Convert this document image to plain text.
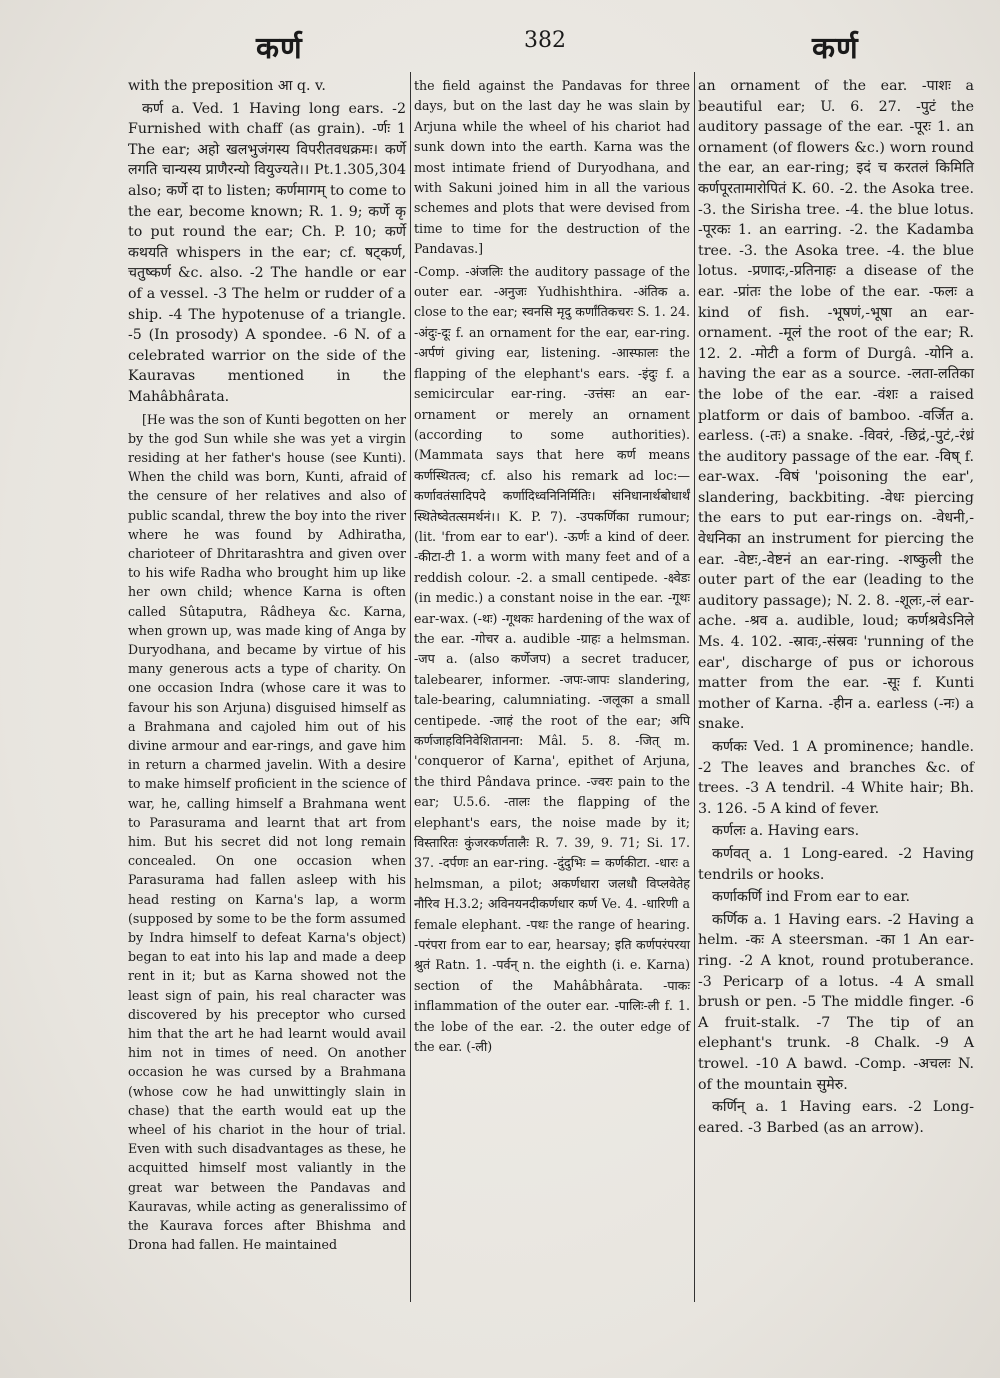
कर्ण	382	कर्ण

with the preposition आ q. v.

कर्ण a. Ved. 1 Having long ears. -2 Furnished with chaff (as grain). -र्णः 1 The ear; अहो खलभुजंगस्य विपरीतवधक्रमः। कर्णे लगति चान्यस्य प्राणैरन्यो वियुज्यते।। Pt.1.305,304 also; कर्णे दा to listen; कर्णमागम् to come to the ear, become known; R. 1. 9; कर्णे कृ to put round the ear; Ch. P. 10; कर्णे कथयति whispers in the ear; cf. षट्कर्ण, चतुष्कर्ण &c. also. -2 The handle or ear of a vessel. -3 The helm or rudder of a ship. -4 The hypotenuse of a triangle. -5 (In prosody) A spondee. -6 N. of a celebrated warrior on the side of the Kauravas mentioned in the Mahâbhârata.

[He was the son of Kunti begotten on her by the god Sun while she was yet a virgin residing at her father's house (see Kunti). When the child was born, Kunti, afraid of the censure of her relatives and also of public scandal, threw the boy into the river where he was found by Adhiratha, charioteer of Dhritarashtra and given over to his wife Radha who brought him up like her own child; whence Karna is often called Sûtaputra, Râdheya &c. Karna, when grown up, was made king of Anga by Duryodhana, and became by virtue of his many generous acts a type of charity. On one occasion Indra (whose care it was to favour his son Arjuna) disguised himself as a Brahmana and cajoled him out of his divine armour and ear-rings, and gave him in return a charmed javelin. With a desire to make himself proficient in the science of war, he, calling himself a Brahmana went to Parasurama and learnt that art from him. But his secret did not long remain concealed. On one occasion when Parasurama had fallen asleep with his head resting on Karna's lap, a worm (supposed by some to be the form assumed by Indra himself to defeat Karna's object) began to eat into his lap and made a deep rent in it; but as Karna showed not the least sign of pain, his real character was discovered by his preceptor who cursed him that the art he had learnt would avail him not in times of need. On another occasion he was cursed by a Brahmana (whose cow he had unwittingly slain in chase) that the earth would eat up the wheel of his chariot in the hour of trial. Even with such disadvantages as these, he acquitted himself most valiantly in the great war between the Pandavas and Kauravas, while acting as generalissimo of the Kaurava forces after Bhishma and Drona had fallen. He maintained

the field against the Pandavas for three days, but on the last day he was slain by Arjuna while the wheel of his chariot had sunk down into the earth. Karna was the most intimate friend of Duryodhana, and with Sakuni joined him in all the various schemes and plots that were devised from time to time for the destruction of the Pandavas.]

-Comp. -अंजलिः the auditory passage of the outer ear. -अनुजः Yudhishthira. -अंतिक a. close to the ear; स्वनसि मृदु कर्णांतिकचरः S. 1. 24. -अंदुः-दूः f. an ornament for the ear, ear-ring. -अर्पणं giving ear, listening. -आस्फालः the flapping of the elephant's ears. -इंदुः f. a semicircular ear-ring. -उत्तंसः an ear-ornament or merely an ornament (according to some authorities). (Mammata says that here कर्ण means कर्णस्थितत्व; cf. also his remark ad loc:—कर्णावतंसादिपदे कर्णादिध्वनिनिर्मितिः। संनिधानार्थबोधार्थं स्थितेष्वेतत्समर्थनं।। K. P. 7). -उपकर्णिका rumour; (lit. 'from ear to ear'). -ऊर्णः a kind of deer. -कीटा-टी 1. a worm with many feet and of a reddish colour. -2. a small centipede. -क्ष्वेडः (in medic.) a constant noise in the ear. -गूथः ear-wax. (-थः) -गूथकः hardening of the wax of the ear. -गोचर a. audible -ग्राहः a helmsman. -जप a. (also कर्णेजप) a secret traducer, talebearer, informer. -जपः-जापः slandering, tale-bearing, calumniating. -जलूका a small centipede. -जाहं the root of the ear; अपि कर्णजाहविनिवेशितानना: Mâl. 5. 8. -जित् m. 'conqueror of Karna', epithet of Arjuna, the third Pândava prince. -ज्वरः pain to the ear; U.5.6. -तालः the flapping of the elephant's ears, the noise made by it; विस्तारितः कुंजरकर्णतालैः R. 7. 39, 9. 71; Si. 17. 37. -दर्पणः an ear-ring. -दुंदुभिः = कर्णकीटा. -धारः a helmsman, a pilot; अकर्णधारा जलधौ विप्लवेतेह नौरिव H.3.2; अविनयनदीकर्णधार कर्ण Ve. 4. -धारिणी a female elephant. -पथः the range of hearing. -परंपरा from ear to ear, hearsay; इति कर्णपरंपरया श्रुतं Ratn. 1. -पर्वन् n. the eighth (i. e. Karna) section of the Mahâbhârata. -पाकः inflammation of the outer ear. -पालिः-ली f. 1. the lobe of the ear. -2. the outer edge of the ear. (-ली)

an ornament of the ear. -पाशः a beautiful ear; U. 6. 27. -पुटं the auditory passage of the ear. -पूरः 1. an ornament (of flowers &c.) worn round the ear, an ear-ring; इदं च करतलं किमिति कर्णपूरतामारोपितं K. 60. -2. the Asoka tree. -3. the Sirisha tree. -4. the blue lotus. -पूरकः 1. an earring. -2. the Kadamba tree. -3. the Asoka tree. -4. the blue lotus. -प्रणादः,-प्रतिनाहः a disease of the ear. -प्रांतः the lobe of the ear. -फलः a kind of fish. -भूषणं,-भूषा an ear-ornament. -मूलं the root of the ear; R. 12. 2. -मोटी a form of Durgâ. -योनि a. having the ear as a source. -लता-लतिका the lobe of the ear. -वंशः a raised platform or dais of bamboo. -वर्जित a. earless. (-तः) a snake. -विवरं, -छिद्रं,-पुटं,-रंध्रं the auditory passage of the ear. -विष् f. ear-wax. -विषं 'poisoning the ear', slandering, backbiting. -वेधः piercing the ears to put ear-rings on. -वेधनी,-वेधनिका an instrument for piercing the ear. -वेष्टः,-वेष्टनं an ear-ring. -शष्कुली the outer part of the ear (leading to the auditory passage); N. 2. 8. -शूलः,-लं ear-ache. -श्रव a. audible, loud; कर्णश्रवेऽनिले Ms. 4. 102. -स्रावः,-संस्रवः 'running of the ear', discharge of pus or ichorous matter from the ear. -सूः f. Kunti mother of Karna. -हीन a. earless (-नः) a snake.

कर्णकः Ved. 1 A prominence; handle. -2 The leaves and branches &c. of trees. -3 A tendril. -4 White hair; Bh. 3. 126. -5 A kind of fever.

कर्णलः a. Having ears.

कर्णवत् a. 1 Long-eared. -2 Having tendrils or hooks.

कर्णाकर्णि ind From ear to ear.

कर्णिक a. 1 Having ears. -2 Having a helm. -कः A steersman. -का 1 An ear-ring. -2 A knot, round protuberance. -3 Pericarp of a lotus. -4 A small brush or pen. -5 The middle finger. -6 A fruit-stalk. -7 The tip of an elephant's trunk. -8 Chalk. -9 A trowel. -10 A bawd. -Comp. -अचलः N. of the mountain सुमेरु.

कर्णिन् a. 1 Having ears. -2 Long-eared. -3 Barbed (as an arrow).
